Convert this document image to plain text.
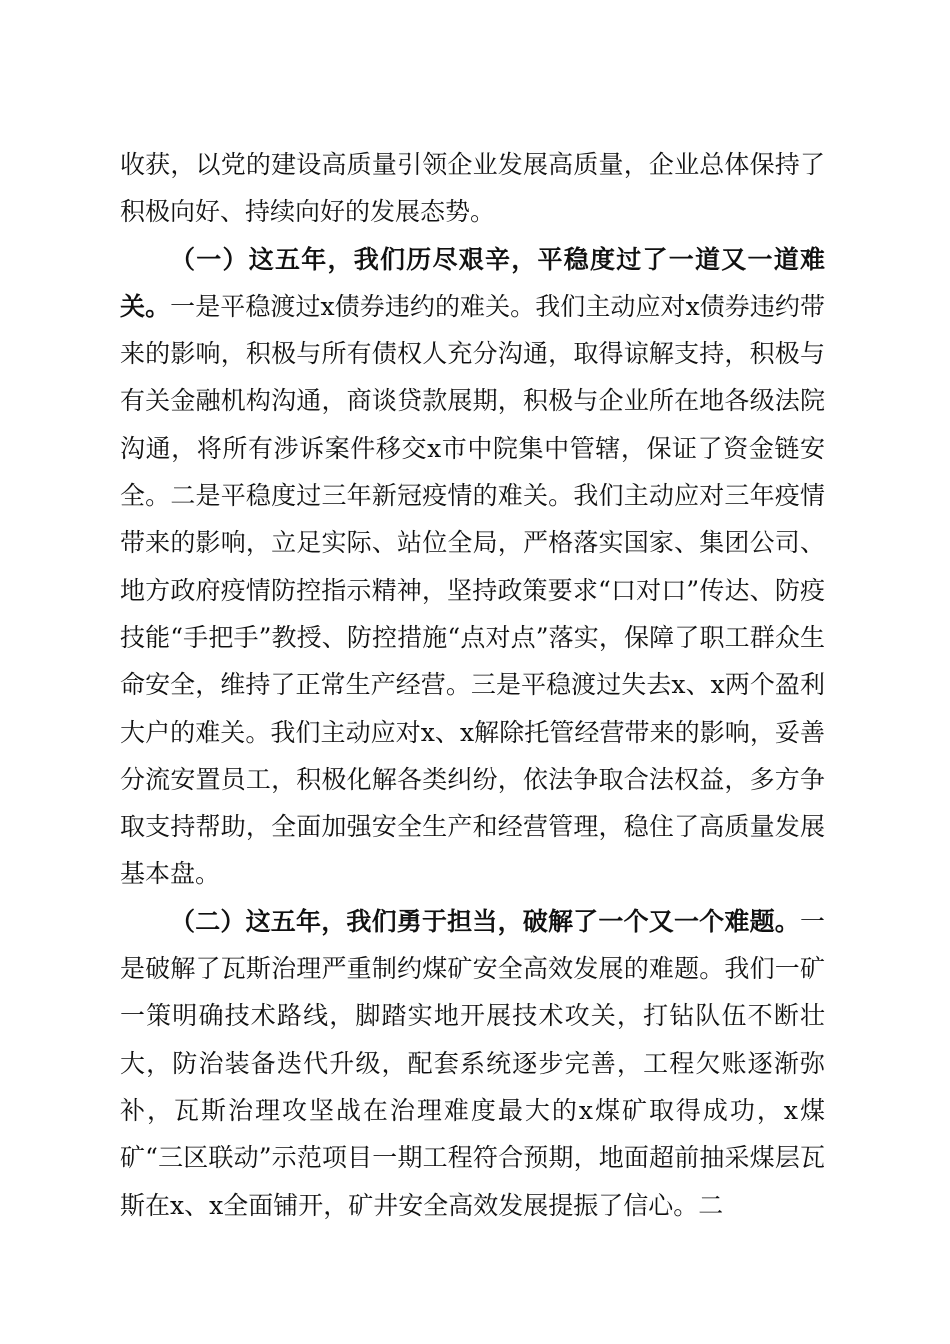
收获，以党的建设高质量引领企业发展高质量，企业总体保持了积极向好、持续向好的发展态势。

（一）这五年，我们历尽艰辛，平稳度过了一道又一道难关。一是平稳渡过x债券违约的难关。我们主动应对x债券违约带来的影响，积极与所有债权人充分沟通，取得谅解支持，积极与有关金融机构沟通，商谈贷款展期，积极与企业所在地各级法院沟通，将所有涉诉案件移交x市中院集中管辖，保证了资金链安全。二是平稳度过三年新冠疫情的难关。我们主动应对三年疫情带来的影响，立足实际、站位全局，严格落实国家、集团公司、地方政府疫情防控指示精神，坚持政策要求“口对口”传达、防疫技能“手把手”教授、防控措施“点对点”落实，保障了职工群众生命安全，维持了正常生产经营。三是平稳渡过失去x、x两个盈利大户的难关。我们主动应对x、x解除托管经营带来的影响，妥善分流安置员工，积极化解各类纠纷，依法争取合法权益，多方争取支持帮助，全面加强安全生产和经营管理，稳住了高质量发展基本盘。

（二）这五年，我们勇于担当，破解了一个又一个难题。一是破解了瓦斯治理严重制约煤矿安全高效发展的难题。我们一矿一策明确技术路线，脚踏实地开展技术攻关，打钻队伍不断壮大，防治装备迭代升级，配套系统逐步完善，工程欠账逐渐弥补，瓦斯治理攻坚战在治理难度最大的x煤矿取得成功，x煤矿“三区联动”示范项目一期工程符合预期，地面超前抽采煤层瓦斯在x、x全面铺开，矿井安全高效发展提振了信心。二
